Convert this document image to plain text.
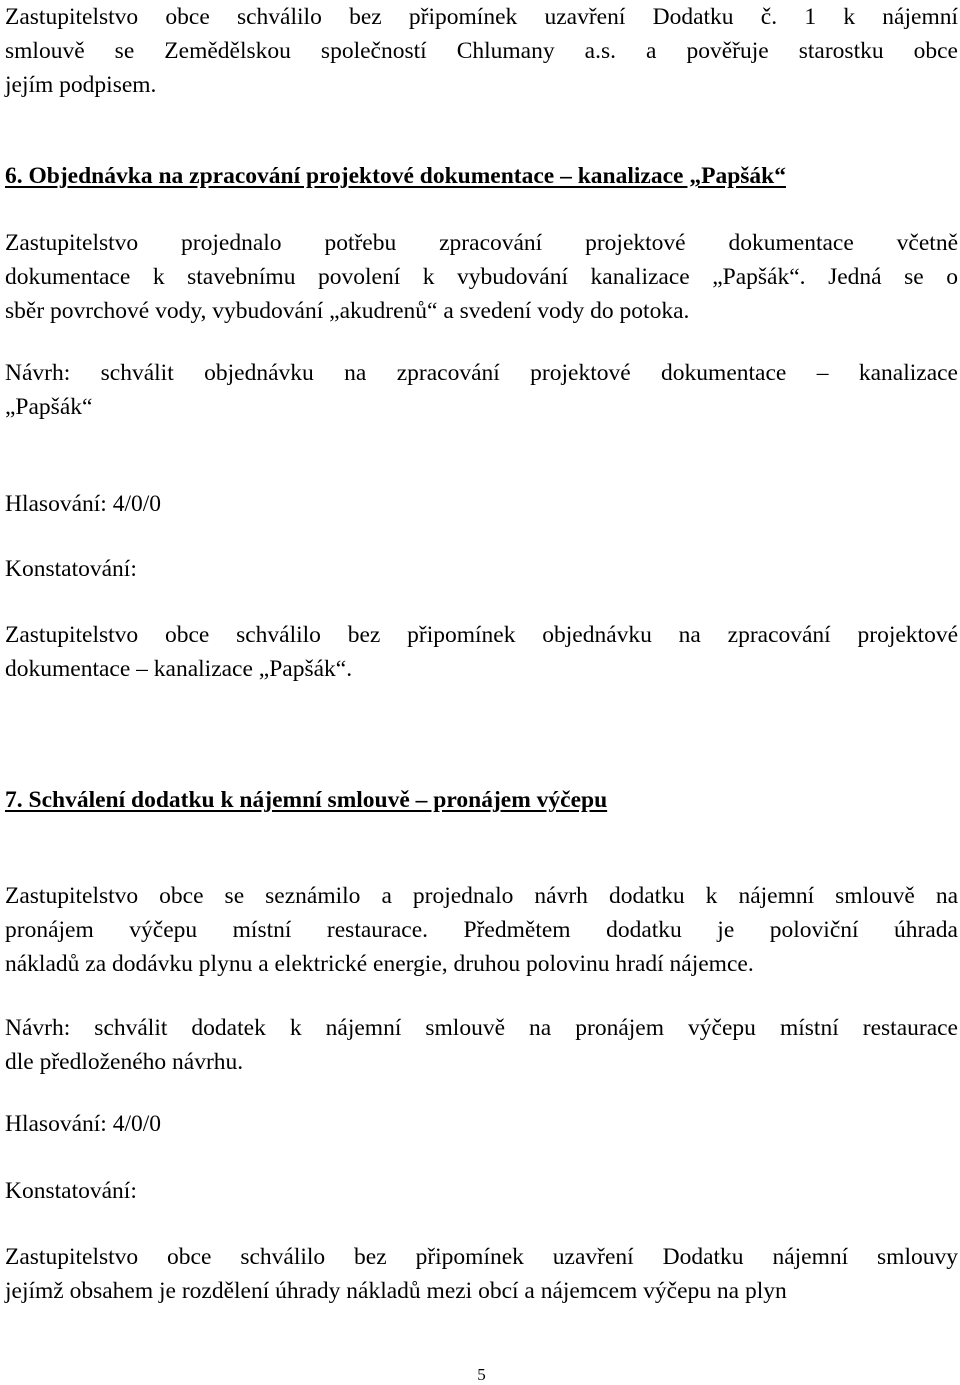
Zastupitelstvo obce schválilo bez připomínek uzavření Dodatku č. 1 k nájemní
smlouvě se Zemědělskou společností Chlumany a.s. a pověřuje starostku obce
jejím podpisem.

6. Objednávka na zpracování projektové dokumentace – kanalizace „Papšák“

Zastupitelstvo projednalo potřebu zpracování projektové dokumentace včetně
dokumentace k stavebnímu povolení k vybudování kanalizace „Papšák“. Jedná se o
sběr povrchové vody, vybudování „akudrenů“ a svedení vody do potoka.

Návrh: schválit objednávku na zpracování projektové dokumentace – kanalizace
„Papšák“

Hlasování: 4/0/0

Konstatování:

Zastupitelstvo obce schválilo bez připomínek objednávku na zpracování projektové
dokumentace – kanalizace „Papšák“.

7. Schválení dodatku k nájemní smlouvě – pronájem výčepu

Zastupitelstvo obce se seznámilo a projednalo návrh dodatku k nájemní smlouvě na
pronájem výčepu místní restaurace. Předmětem dodatku je poloviční úhrada
nákladů za dodávku plynu a elektrické energie, druhou polovinu hradí nájemce.

Návrh: schválit dodatek k nájemní smlouvě na pronájem výčepu místní restaurace
dle předloženého návrhu.

Hlasování: 4/0/0

Konstatování:

Zastupitelstvo obce schválilo bez připomínek uzavření Dodatku nájemní smlouvy
jejímž obsahem je rozdělení úhrady nákladů mezi obcí a nájemcem výčepu na plyn

5
